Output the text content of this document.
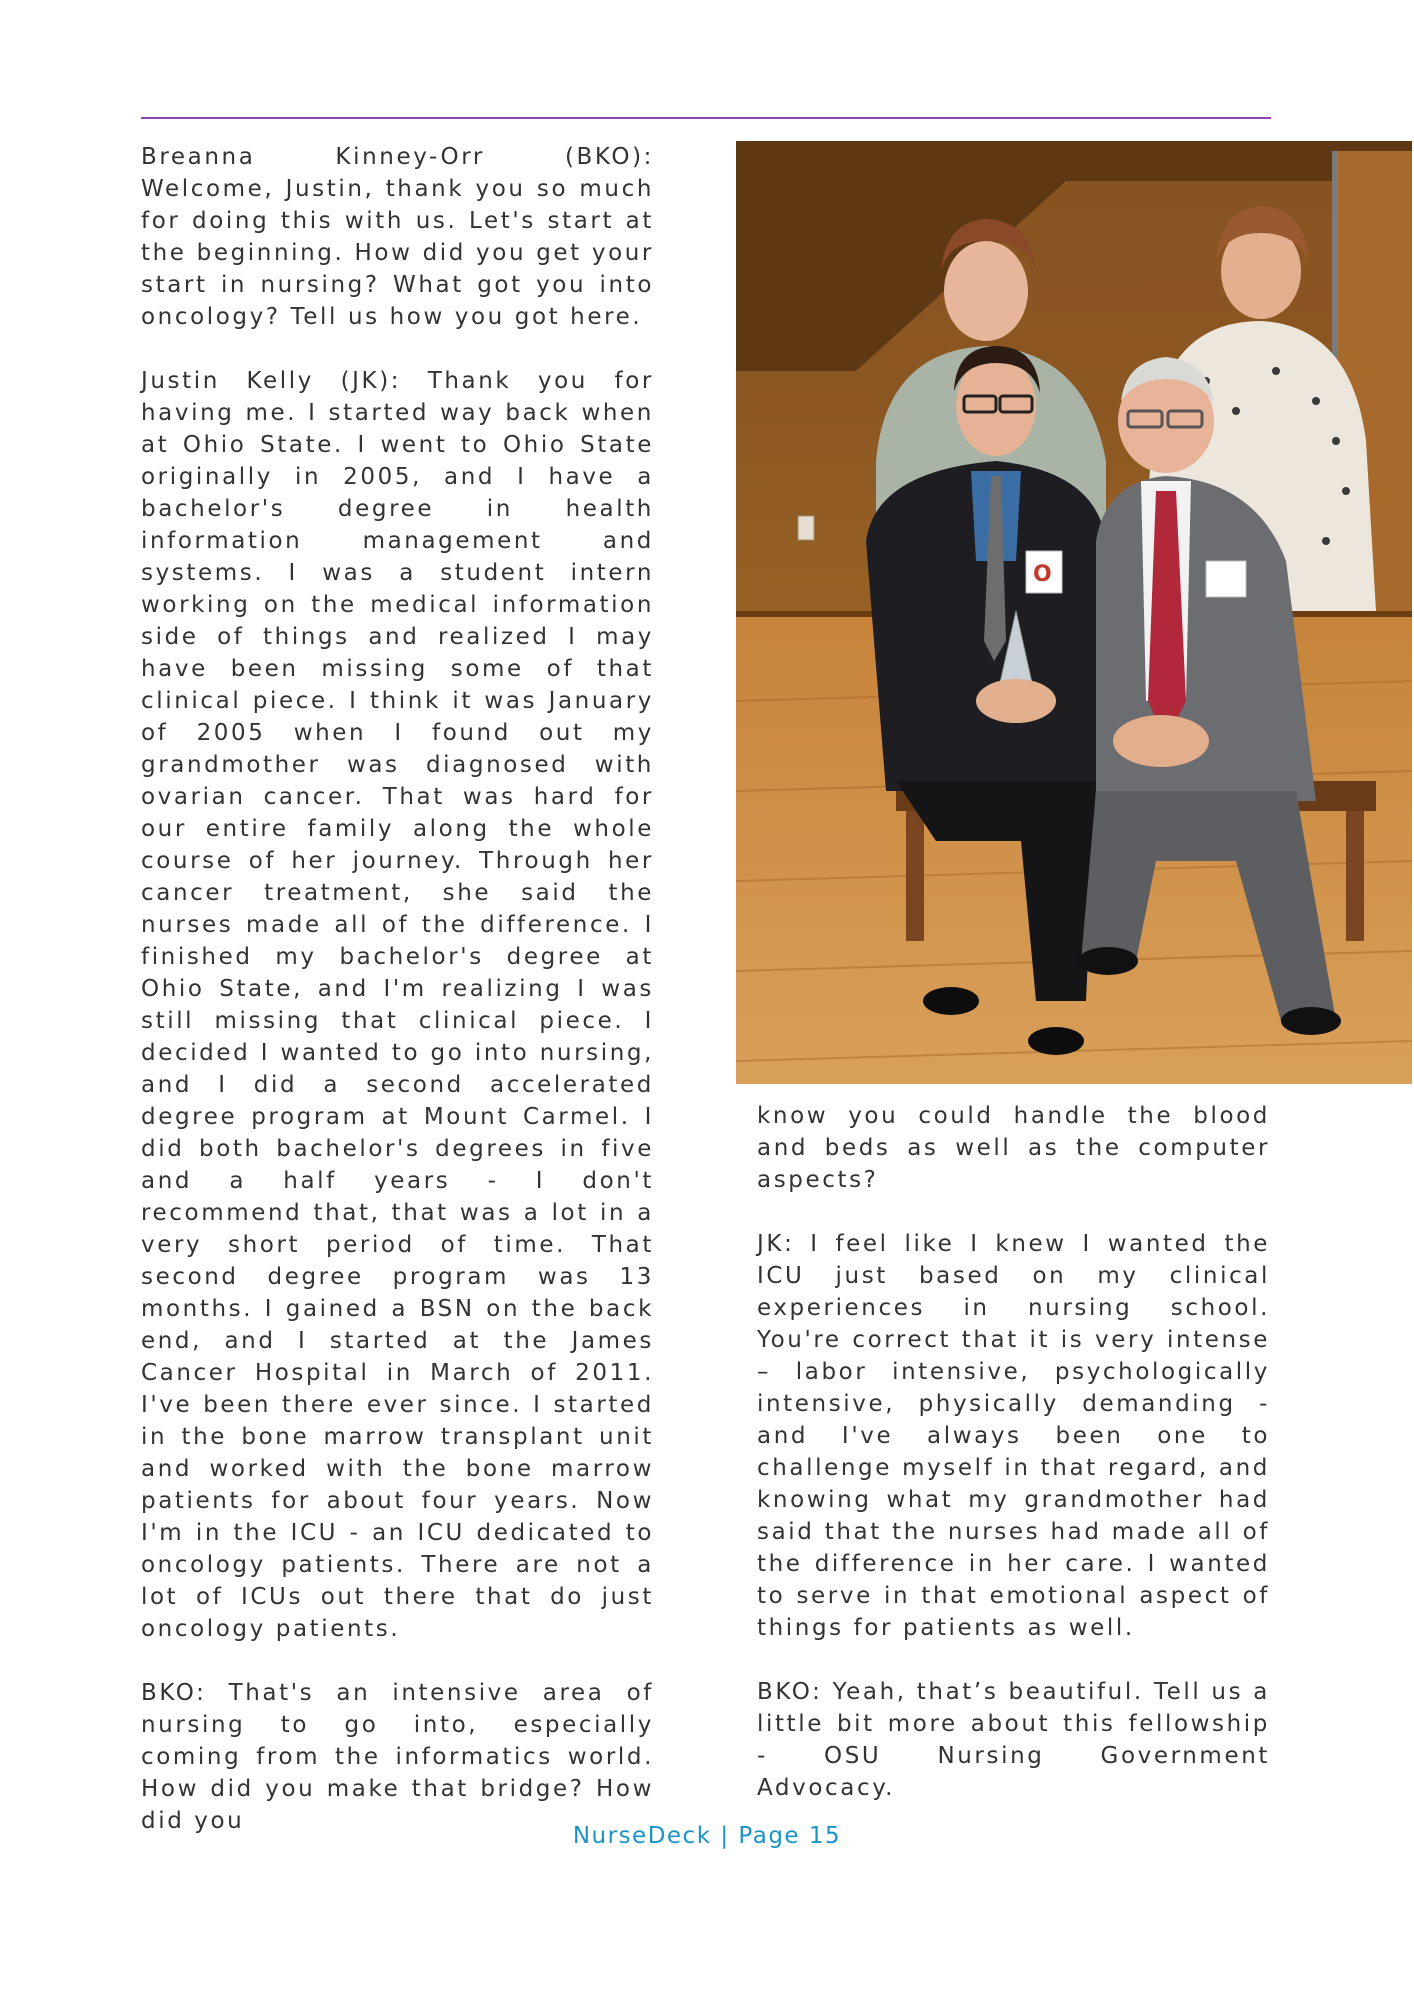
Breanna Kinney-Orr (BKO): Welcome, Justin, thank you so much for doing this with us. Let's start at the beginning. How did you get your start in nursing? What got you into oncology? Tell us how you got here.

Justin Kelly (JK): Thank you for having me. I started way back when at Ohio State. I went to Ohio State originally in 2005, and I have a bachelor's degree in health information management and systems. I was a student intern working on the medical information side of things and realized I may have been missing some of that clinical piece. I think it was January of 2005 when I found out my grandmother was diagnosed with ovarian cancer. That was hard for our entire family along the whole course of her journey. Through her cancer treatment, she said the nurses made all of the difference. I finished my bachelor's degree at Ohio State, and I'm realizing I was still missing that clinical piece. I decided I wanted to go into nursing, and I did a second accelerated degree program at Mount Carmel. I did both bachelor's degrees in five and a half years - I don't recommend that, that was a lot in a very short period of time. That second degree program was 13 months. I gained a BSN on the back end, and I started at the James Cancer Hospital in March of 2011. I've been there ever since. I started in the bone marrow transplant unit and worked with the bone marrow patients for about four years. Now I'm in the ICU - an ICU dedicated to oncology patients. There are not a lot of ICUs out there that do just oncology patients.

BKO: That's an intensive area of nursing to go into, especially coming from the informatics world. How did you make that bridge? How did you

O

know you could handle the blood and beds as well as the computer aspects?

JK: I feel like I knew I wanted the ICU just based on my clinical experiences in nursing school. You're correct that it is very intense – labor intensive, psychologically intensive, physically demanding - and I've always been one to challenge myself in that regard, and knowing what my grandmother had said that the nurses had made all of the difference in her care. I wanted to serve in that emotional aspect of things for patients as well.

BKO: Yeah, that’s beautiful. Tell us a little bit more about this fellowship - OSU Nursing Government Advocacy.

NurseDeck | Page 15
